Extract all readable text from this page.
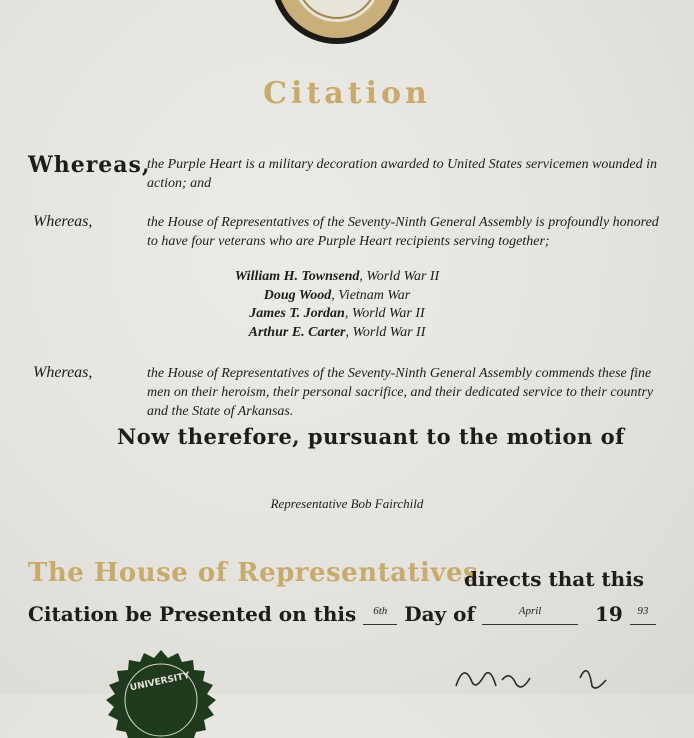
Citation
Whereas,
the Purple Heart is a military decoration awarded to United States servicemen wounded in action; and
Whereas,	the House of Representatives of the Seventy-Ninth General Assembly is profoundly honored to have four veterans who are Purple Heart recipients serving together;
William H. Townsend, World War II
Doug Wood, Vietnam War
James T. Jordan, World War II
Arthur E. Carter, World War II
Whereas,	the House of Representatives of the Seventy-Ninth General Assembly commends these fine men on their heroism, their personal sacrifice, and their dedicated service to their country and the State of Arkansas.
Now therefore, pursuant to the motion of
Representative Bob Fairchild
The House of Representatives
directs that this
Citation be Presented on this 6th Day of	April	19 93
UNIVERSITY
